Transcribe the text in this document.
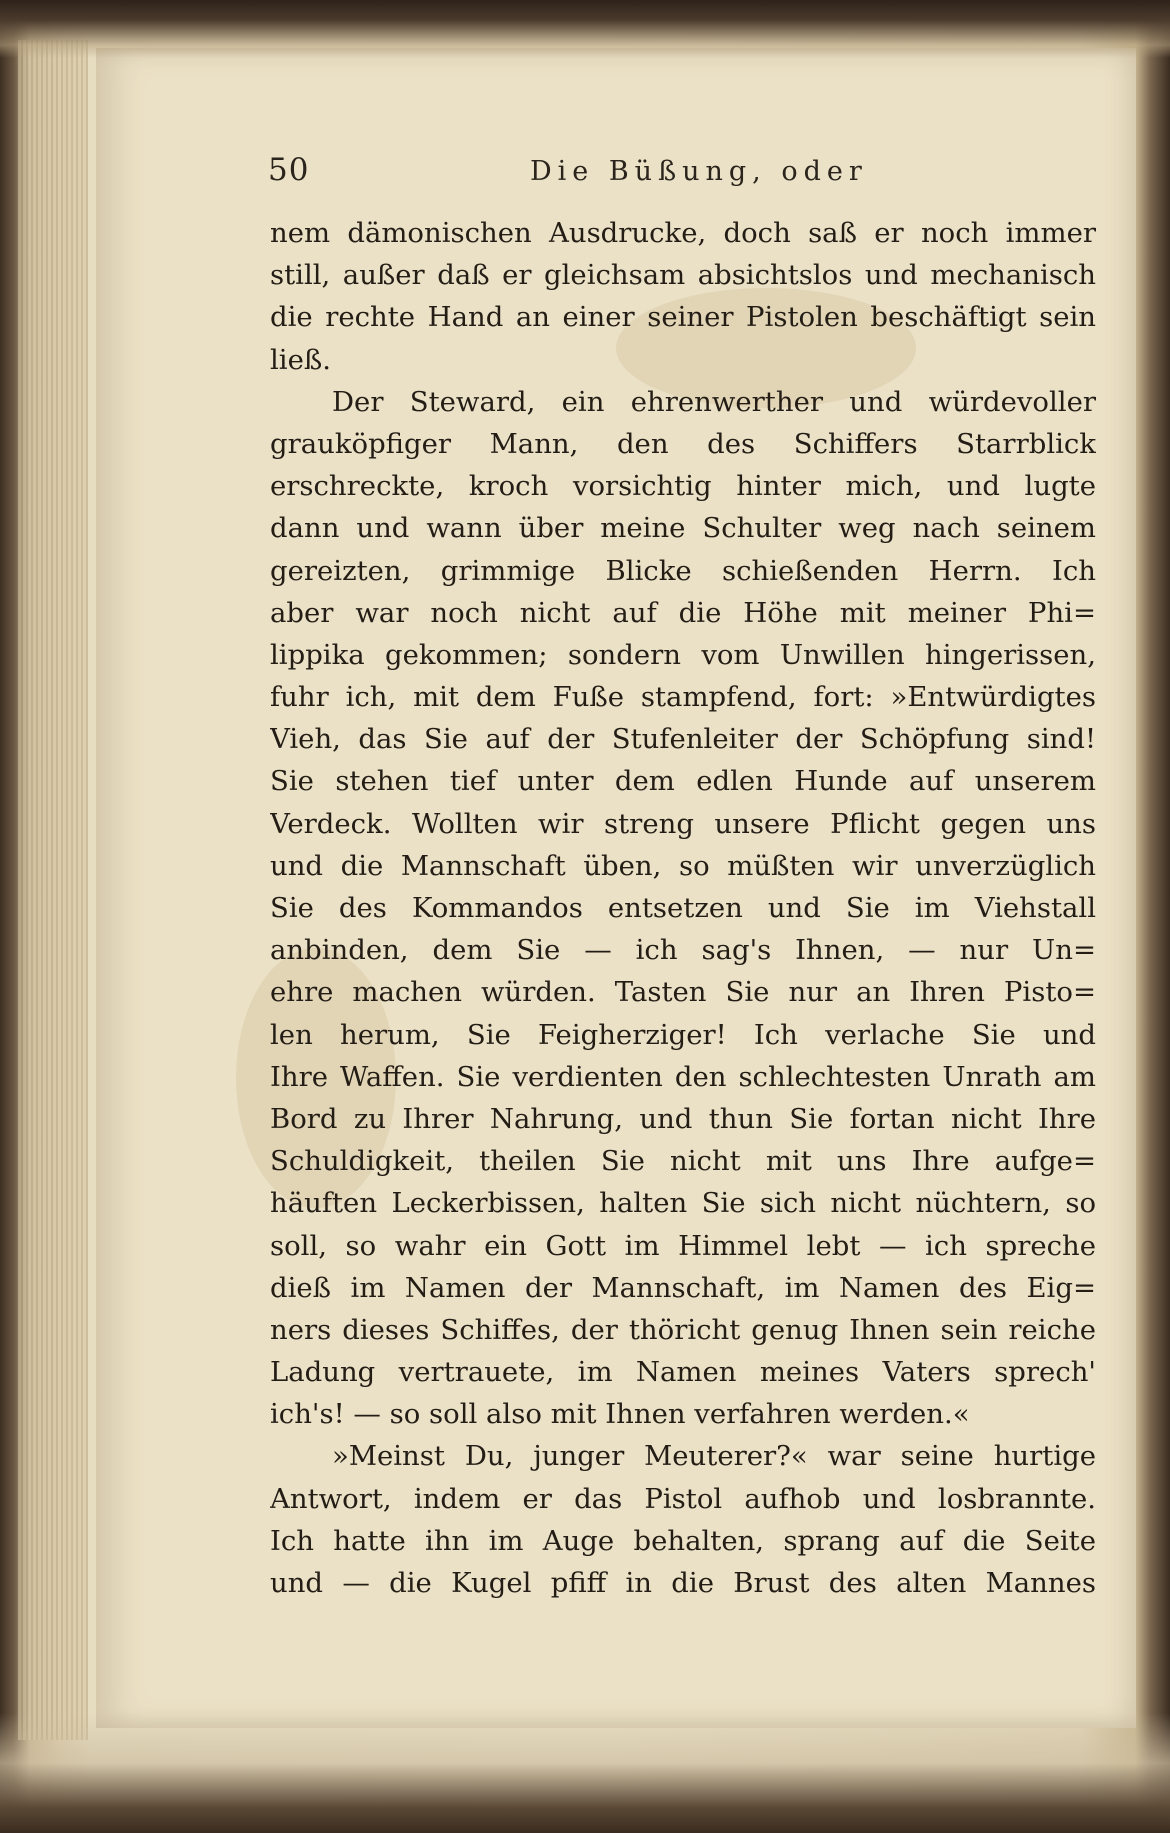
50	Die Büßung, oder
nem dämonischen Ausdrucke, doch saß er noch immer
still, außer daß er gleichsam absichtslos und mechanisch
die rechte Hand an einer seiner Pistolen beschäftigt sein
ließ.
Der Steward, ein ehrenwerther und würdevoller
grauköpfiger Mann, den des Schiffers Starrblick
erschreckte, kroch vorsichtig hinter mich, und lugte
dann und wann über meine Schulter weg nach seinem
gereizten, grimmige Blicke schießenden Herrn. Ich
aber war noch nicht auf die Höhe mit meiner Phi=
lippika gekommen; sondern vom Unwillen hingerissen,
fuhr ich, mit dem Fuße stampfend, fort: »Entwürdigtes
Vieh, das Sie auf der Stufenleiter der Schöpfung sind!
Sie stehen tief unter dem edlen Hunde auf unserem
Verdeck. Wollten wir streng unsere Pflicht gegen uns
und die Mannschaft üben, so müßten wir unverzüglich
Sie des Kommandos entsetzen und Sie im Viehstall
anbinden, dem Sie — ich sag's Ihnen, — nur Un=
ehre machen würden. Tasten Sie nur an Ihren Pisto=
len herum, Sie Feigherziger! Ich verlache Sie und
Ihre Waffen. Sie verdienten den schlechtesten Unrath am
Bord zu Ihrer Nahrung, und thun Sie fortan nicht Ihre
Schuldigkeit, theilen Sie nicht mit uns Ihre aufge=
häuften Leckerbissen, halten Sie sich nicht nüchtern, so
soll, so wahr ein Gott im Himmel lebt — ich spreche
dieß im Namen der Mannschaft, im Namen des Eig=
ners dieses Schiffes, der thöricht genug Ihnen sein reiche
Ladung vertrauete, im Namen meines Vaters sprech'
ich's! — so soll also mit Ihnen verfahren werden.«
»Meinst Du, junger Meuterer?« war seine hurtige
Antwort, indem er das Pistol aufhob und losbrannte.
Ich hatte ihn im Auge behalten, sprang auf die Seite
und — die Kugel pfiff in die Brust des alten Mannes
